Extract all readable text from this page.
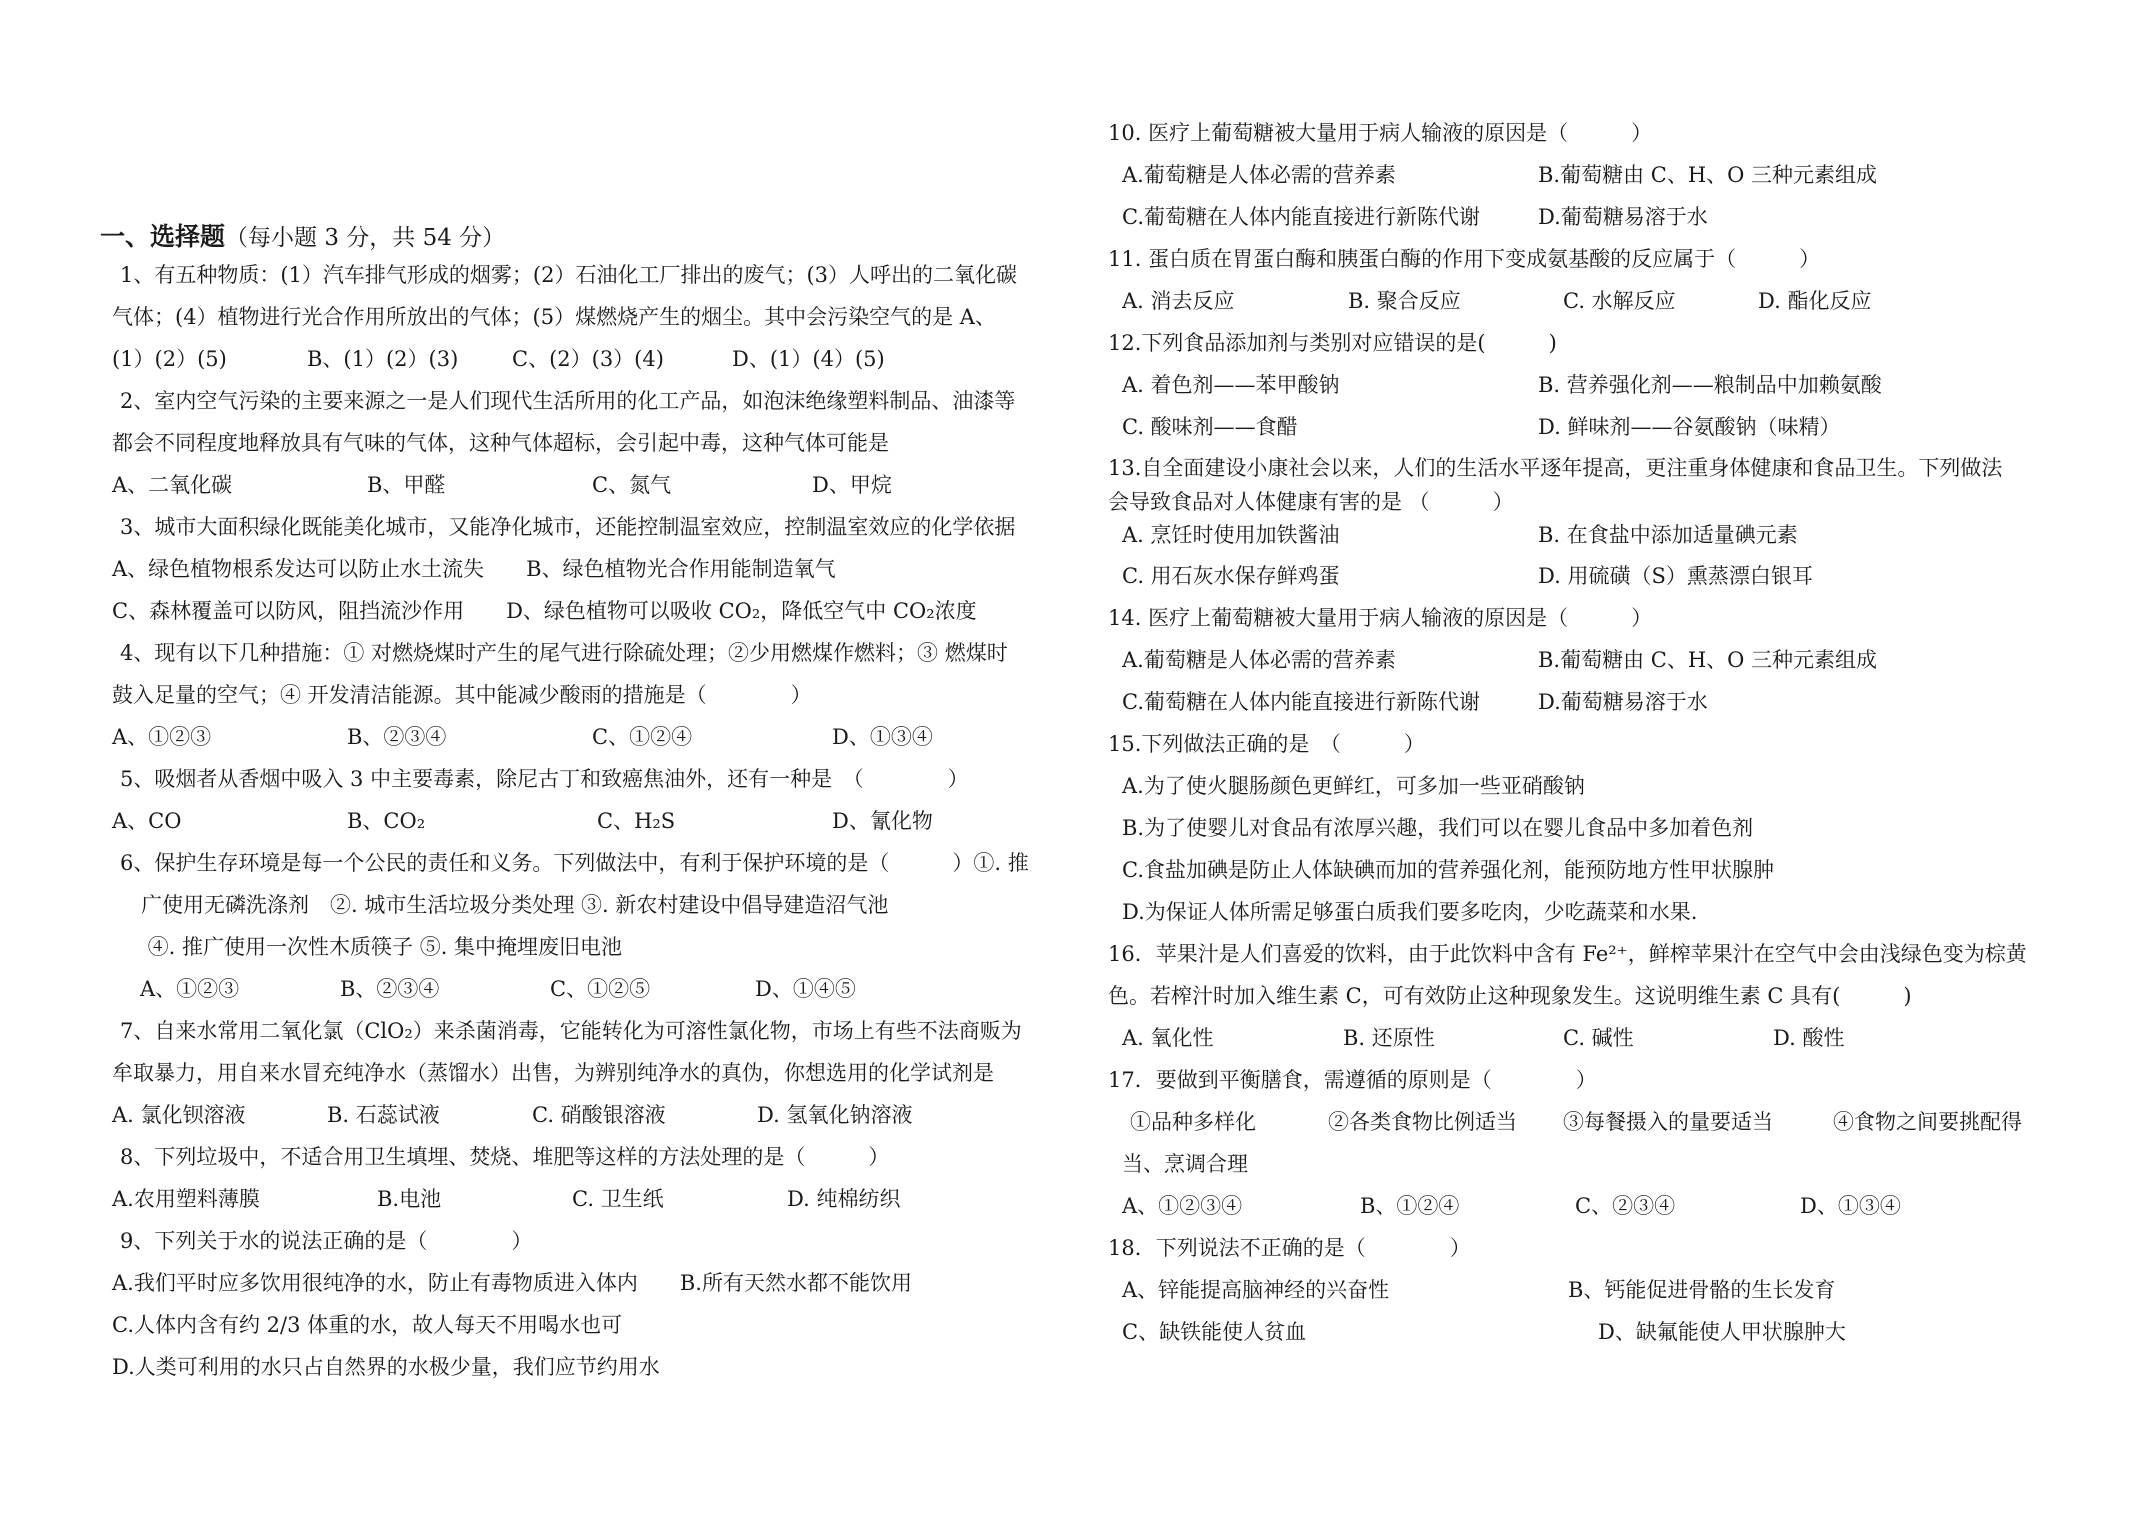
一、选择题（每小题 3 分，共 54 分）
1、有五种物质：(1）汽车排气形成的烟雾；(2）石油化工厂排出的废气；(3）人呼出的二氧化碳
气体；(4）植物进行光合作用所放出的气体；(5）煤燃烧产生的烟尘。其中会污染空气的是 A、
(1）(2）(5)	B、(1）(2）(3)	C、(2）(3）(4)	D、(1）(4）(5)
2、室内空气污染的主要来源之一是人们现代生活所用的化工产品，如泡沫绝缘塑料制品、油漆等
都会不同程度地释放具有气味的气体，这种气体超标，会引起中毒，这种气体可能是
A、二氧化碳	B、甲醛	C、氮气	D、甲烷
3、城市大面积绿化既能美化城市，又能净化城市，还能控制温室效应，控制温室效应的化学依据
A、绿色植物根系发达可以防止水土流失　　B、绿色植物光合作用能制造氧气
C、森林覆盖可以防风，阻挡流沙作用　　D、绿色植物可以吸收 CO₂，降低空气中 CO₂浓度
4、现有以下几种措施：① 对燃烧煤时产生的尾气进行除硫处理；②少用燃煤作燃料；③ 燃煤时
鼓入足量的空气；④ 开发清洁能源。其中能减少酸雨的措施是（　　　　）
A、①②③	B、②③④	C、①②④	D、①③④
5、吸烟者从香烟中吸入 3 中主要毒素，除尼古丁和致癌焦油外，还有一种是　（　　　　）
A、CO	B、CO₂	C、H₂S	D、氰化物
6、保护生存环境是每一个公民的责任和义务。下列做法中，有利于保护环境的是（　　　）①. 推
　广使用无磷洗涤剂　②. 城市生活垃圾分类处理 ③. 新农村建设中倡导建造沼气池
　 ④. 推广使用一次性木质筷子 ⑤. 集中掩埋废旧电池
A、①②③	B、②③④	C、①②⑤	D、①④⑤
7、自来水常用二氧化氯（ClO₂）来杀菌消毒，它能转化为可溶性氯化物，市场上有些不法商贩为
牟取暴力，用自来水冒充纯净水（蒸馏水）出售，为辨别纯净水的真伪，你想选用的化学试剂是
A. 氯化钡溶液	B. 石蕊试液	C. 硝酸银溶液	D. 氢氧化钠溶液
8、下列垃圾中，不适合用卫生填埋、焚烧、堆肥等这样的方法处理的是（　　　）
A.农用塑料薄膜	B.电池	C. 卫生纸	D. 纯棉纺织
9、下列关于水的说法正确的是（　　　　）
A.我们平时应多饮用很纯净的水，防止有毒物质进入体内　　B.所有天然水都不能饮用
C.人体内含有约 2/3 体重的水，故人每天不用喝水也可
D.人类可利用的水只占自然界的水极少量，我们应节约用水
10. 医疗上葡萄糖被大量用于病人输液的原因是（　　　）
A.葡萄糖是人体必需的营养素	B.葡萄糖由 C、H、O 三种元素组成
C.葡萄糖在人体内能直接进行新陈代谢	D.葡萄糖易溶于水
11. 蛋白质在胃蛋白酶和胰蛋白酶的作用下变成氨基酸的反应属于（　　　）
A. 消去反应	B. 聚合反应	C. 水解反应	D. 酯化反应
12.下列食品添加剂与类别对应错误的是(　　　)
A. 着色剂——苯甲酸钠	B. 营养强化剂——粮制品中加赖氨酸
C. 酸味剂——食醋	D. 鲜味剂——谷氨酸钠（味精）
13.自全面建设小康社会以来，人们的生活水平逐年提高，更注重身体健康和食品卫生。下列做法
会导致食品对人体健康有害的是 （　　　）
A. 烹饪时使用加铁酱油	B. 在食盐中添加适量碘元素
C. 用石灰水保存鲜鸡蛋	D. 用硫磺（S）熏蒸漂白银耳
14. 医疗上葡萄糖被大量用于病人输液的原因是（　　　）
A.葡萄糖是人体必需的营养素	B.葡萄糖由 C、H、O 三种元素组成
C.葡萄糖在人体内能直接进行新陈代谢	D.葡萄糖易溶于水
15.下列做法正确的是　（　　　）
A.为了使火腿肠颜色更鲜红，可多加一些亚硝酸钠
B.为了使婴儿对食品有浓厚兴趣，我们可以在婴儿食品中多加着色剂
C.食盐加碘是防止人体缺碘而加的营养强化剂，能预防地方性甲状腺肿
D.为保证人体所需足够蛋白质我们要多吃肉，少吃蔬菜和水果.
16．苹果汁是人们喜爱的饮料，由于此饮料中含有 Fe²⁺，鲜榨苹果汁在空气中会由浅绿色变为棕黄
色。若榨汁时加入维生素 C，可有效防止这种现象发生。这说明维生素 C 具有(　　　)
A. 氧化性	B. 还原性	C. 碱性	D. 酸性
17．要做到平衡膳食，需遵循的原则是（　　　　）
①品种多样化	②各类食物比例适当 ③每餐摄入的量要适当	④食物之间要挑配得
当、烹调合理
A、①②③④	B、①②④	C、②③④	D、①③④
18．下列说法不正确的是（　　　　）
A、锌能提高脑神经的兴奋性	B、钙能促进骨骼的生长发育
C、缺铁能使人贫血	D、缺氟能使人甲状腺肿大
